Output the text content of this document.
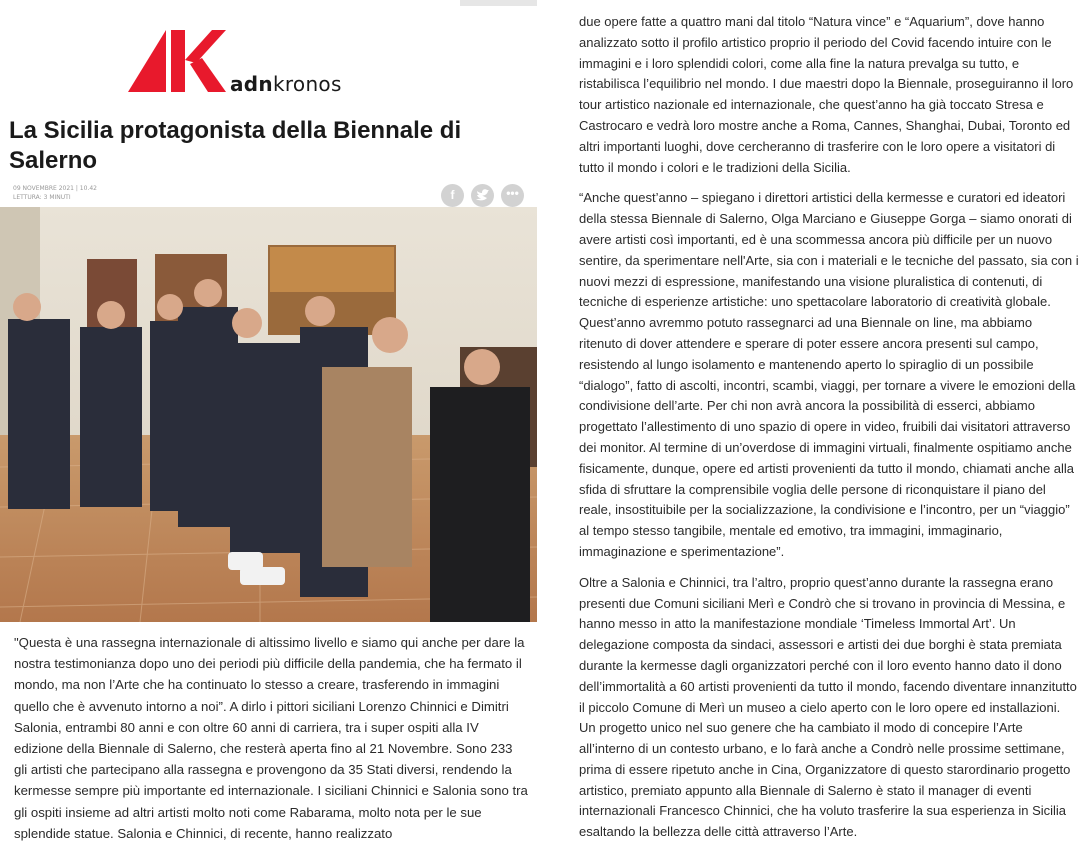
adnkronos
La Sicilia protagonista della Biennale di Salerno
09 NOVEMBRE 2021 | 10.42
LETTURA: 3 MINUTI	f	•••

"Questa è una rassegna internazionale di altissimo livello e siamo qui anche per dare la nostra testimonianza dopo uno dei periodi più difficile della pandemia, che ha fermato il mondo, ma non l’Arte che ha continuato lo stesso a creare, trasferendo in immagini quello che è avvenuto intorno a noi”. A dirlo i pittori siciliani Lorenzo Chinnici e Dimitri Salonia, entrambi 80 anni e con oltre 60 anni di carriera, tra i super ospiti alla IV edizione della Biennale di Salerno, che resterà aperta fino al 21 Novembre. Sono 233 gli artisti che partecipano alla rassegna e provengono da 35 Stati diversi, rendendo la kermesse sempre più importante ed internazionale. I siciliani Chinnici e Salonia sono tra gli ospiti insieme ad altri artisti molto noti come Rabarama, molto nota per le sue splendide statue. Salonia e Chinnici, di recente, hanno realizzato

due opere fatte a quattro mani dal titolo “Natura vince” e “Aquarium”, dove hanno analizzato sotto il profilo artistico proprio il periodo del Covid facendo intuire con le immagini e i loro splendidi colori, come alla fine la natura prevalga su tutto, e ristabilisca l’equilibrio nel mondo. I due maestri dopo la Biennale, proseguiranno il loro tour artistico nazionale ed internazionale, che quest’anno ha già toccato Stresa e Castrocaro e vedrà loro mostre anche a Roma, Cannes, Shanghai, Dubai, Toronto ed altri importanti luoghi, dove cercheranno di trasferire con le loro opere a visitatori di tutto il mondo i colori e le tradizioni della Sicilia.

“Anche quest’anno – spiegano i direttori artistici della kermesse e curatori ed ideatori della stessa Biennale di Salerno, Olga Marciano e Giuseppe Gorga – siamo onorati di avere artisti così importanti, ed è una scommessa ancora più difficile per un nuovo sentire, da sperimentare nell'Arte, sia con i materiali e le tecniche del passato, sia con i nuovi mezzi di espressione, manifestando una visione pluralistica di contenuti, di tecniche di esperienze artistiche: uno spettacolare laboratorio di creatività globale. Quest’anno avremmo potuto rassegnarci ad una Biennale on line, ma abbiamo ritenuto di dover attendere e sperare di poter essere ancora presenti sul campo, resistendo al lungo isolamento e mantenendo aperto lo spiraglio di un possibile “dialogo”, fatto di ascolti, incontri, scambi, viaggi, per tornare a vivere le emozioni della condivisione dell’arte. Per chi non avrà ancora la possibilità di esserci, abbiamo progettato l’allestimento di uno spazio di opere in video, fruibili dai visitatori attraverso dei monitor. Al termine di un’overdose di immagini virtuali, finalmente ospitiamo anche fisicamente, dunque, opere ed artisti provenienti da tutto il mondo, chiamati anche alla sfida di sfruttare la comprensibile voglia delle persone di riconquistare il piano del reale, insostituibile per la socializzazione, la condivisione e l’incontro, per un “viaggio” al tempo stesso tangibile, mentale ed emotivo, tra immagini, immaginario, immaginazione e sperimentazione”.

Oltre a Salonia e Chinnici, tra l’altro, proprio quest’anno durante la rassegna erano presenti due Comuni siciliani Merì e Condrò che si trovano in provincia di Messina, e hanno messo in atto la manifestazione mondiale ‘Timeless Immortal Art’. Un delegazione composta da sindaci, assessori e artisti dei due borghi è stata premiata durante la kermesse dagli organizzatori perché con il loro evento hanno dato il dono dell’immortalità a 60 artisti provenienti da tutto il mondo, facendo diventare innanzitutto il piccolo Comune di Merì un museo a cielo aperto con le loro opere ed installazioni. Un progetto unico nel suo genere che ha cambiato il modo di concepire l’Arte all’interno di un contesto urbano, e lo farà anche a Condrò nelle prossime settimane, prima di essere ripetuto anche in Cina, Organizzatore di questo starordinario progetto artistico, premiato appunto alla Biennale di Salerno è stato il manager di eventi internazionali Francesco Chinnici, che ha voluto trasferire la sua esperienza in Sicilia esaltando la bellezza delle città attraverso l’Arte.
